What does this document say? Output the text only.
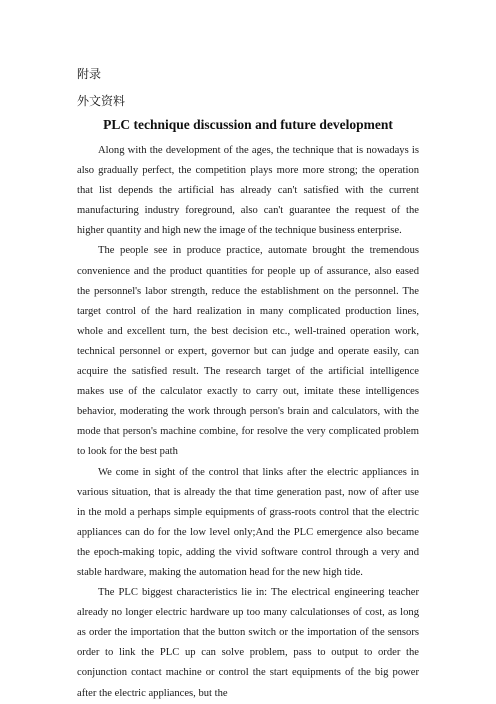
附录
外文资料
PLC technique discussion and future development

Along with the development of the ages, the technique that is nowadays is also gradually perfect, the competition plays more more strong; the operation that list depends the artificial has already can't satisfied with the current manufacturing industry foreground, also can't guarantee the request of the higher quantity and high new the image of the technique business enterprise.

The people see in produce practice, automate brought the tremendous convenience and the product quantities for people up of assurance, also eased the personnel's labor strength, reduce the establishment on the personnel. The target control of the hard realization in many complicated production lines, whole and excellent turn, the best decision etc., well-trained operation work, technical personnel or expert, governor but can judge and operate easily, can acquire the satisfied result. The research target of the artificial intelligence makes use of the calculator exactly to carry out, imitate these intelligences behavior, moderating the work through person's brain and calculators, with the mode that person's machine combine, for resolve the very complicated problem to look for the best path

We come in sight of the control that links after the electric appliances in various situation, that is already the that time generation past, now of after use in the mold a perhaps simple equipments of grass-roots control that the electric appliances can do for the low level only;And the PLC emergence also became the epoch-making topic, adding the vivid software control through a very and stable hardware, making the automation head for the new high tide.

The PLC biggest characteristics lie in: The electrical engineering teacher already no longer electric hardware up too many calculationses of cost, as long as order the importation that the button switch or the importation of the sensors order to link the PLC up can solve problem, pass to output to order the conjunction contact machine or control the start equipments of the big power after the electric appliances, but the
